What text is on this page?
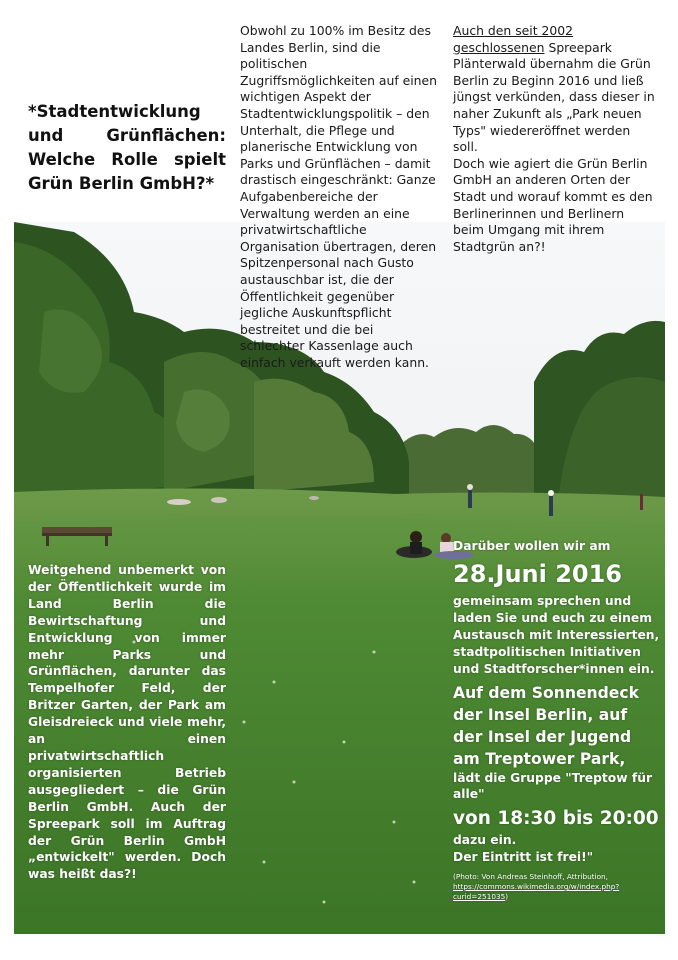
*Stadtentwicklung und Grünflächen: Welche Rolle spielt Grün Berlin GmbH?*
Obwohl zu 100% im Besitz des Landes Berlin, sind die politischen Zugriffsmöglichkeiten auf einen wichtigen Aspekt der Stadtentwicklungspolitik – den Unterhalt, die Pflege und planerische Entwicklung von Parks und Grünflächen – damit drastisch eingeschränkt: Ganze Aufgabenbereiche der Verwaltung werden an eine privatwirtschaftliche Organisation übertragen, deren Spitzenpersonal nach Gusto austauschbar ist, die der Öffentlichkeit gegenüber jegliche Auskunftspflicht bestreitet und die bei schlechter Kassenlage auch einfach verkauft werden kann.
Auch den seit 2002 geschlossenen Spreepark Plänterwald übernahm die Grün Berlin zu Beginn 2016 und ließ jüngst verkünden, dass dieser in naher Zukunft als „Park neuen Typs" wiedereröffnet werden soll.
Doch wie agiert die Grün Berlin GmbH an anderen Orten der Stadt und worauf kommt es den Berlinerinnen und Berlinern beim Umgang mit ihrem Stadtgrün an?!
Weitgehend unbemerkt von der Öffentlichkeit wurde im Land Berlin die Bewirtschaftung und Entwicklung von immer mehr Parks und Grünflächen, darunter das Tempelhofer Feld, der Britzer Garten, der Park am Gleisdreieck und viele mehr, an einen privatwirtschaftlich organisierten Betrieb ausgegliedert – die Grün Berlin GmbH. Auch der Spreepark soll im Auftrag der Grün Berlin GmbH „entwickelt" werden. Doch was heißt das?!
Darüber wollen wir am
28.Juni 2016
gemeinsam sprechen und laden Sie und euch zu einem Austausch mit Interessierten, stadtpolitischen Initiativen und Stadtforscher*innen ein.
Auf dem Sonnendeck der Insel Berlin, auf der Insel der Jugend am Treptower Park,
lädt die Gruppe "Treptow für alle"
von 18:30 bis 20:00
dazu ein.
Der Eintritt ist frei!"
(Photo: Von Andreas Steinhoff, Attribution, https://commons.wikimedia.org/w/index.php?curid=251035)
